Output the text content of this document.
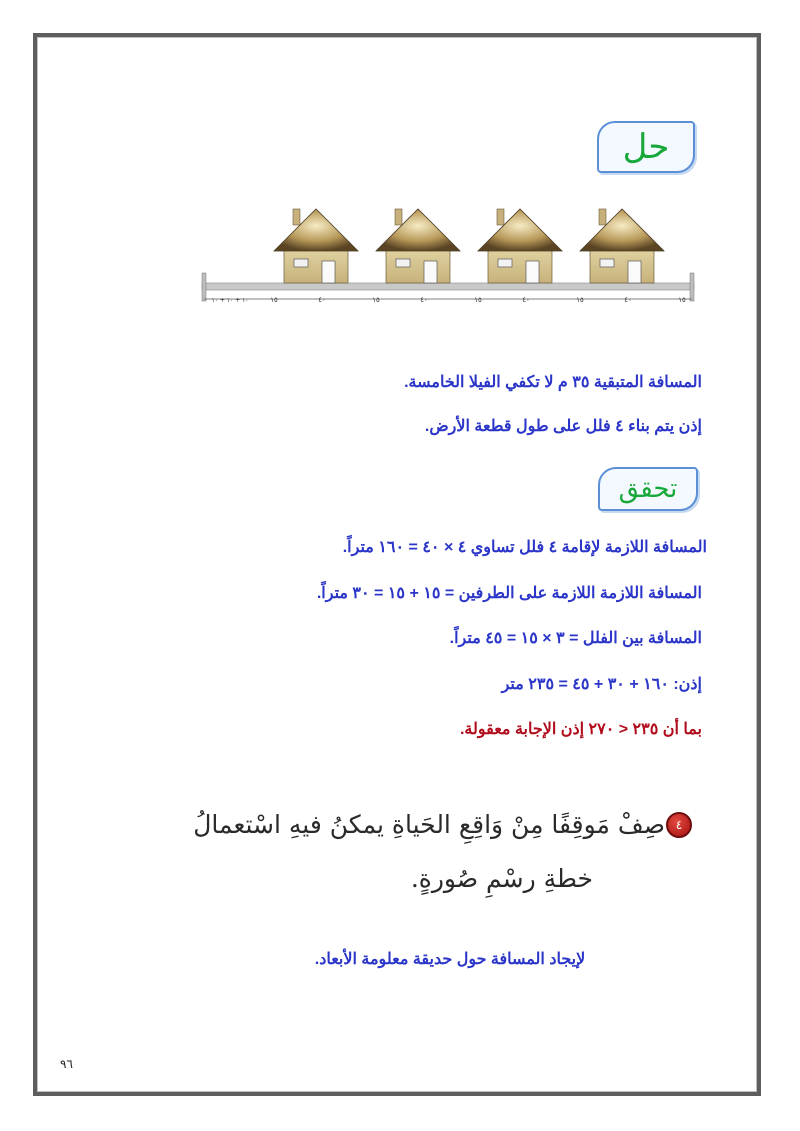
حل
١٥
٤٠
١٥
٤٠
١٥
٤٠
١٥
٤٠
١٥
١٠ + ١٠ + ١٠
المسافة المتبقية ٣٥ م لا تكفي الفيلا الخامسة.
إذن يتم بناء ٤ فلل على طول قطعة الأرض.
تحقق
المسافة اللازمة لإقامة ٤ فلل تساوي ٤ × ٤٠ = ١٦٠ متراً.
المسافة اللازمة اللازمة على الطرفين = ١٥ + ١٥ = ٣٠ متراً.
المسافة بين الفلل = ٣ × ١٥ = ٤٥ متراً.
إذن: ١٦٠ + ٣٠ + ٤٥ = ٢٣٥ متر
بما أن ٢٣٥ < ٢٧٠ إذن الإجابة معقولة.
٤
صِفْ مَوقِفًا مِنْ وَاقِعِ الحَياةِ يمكنُ فيهِ اسْتعمالُ
خطةِ رسْمِ صُورةٍ.
لإيجاد المسافة حول حديقة معلومة الأبعاد.
٩٦
